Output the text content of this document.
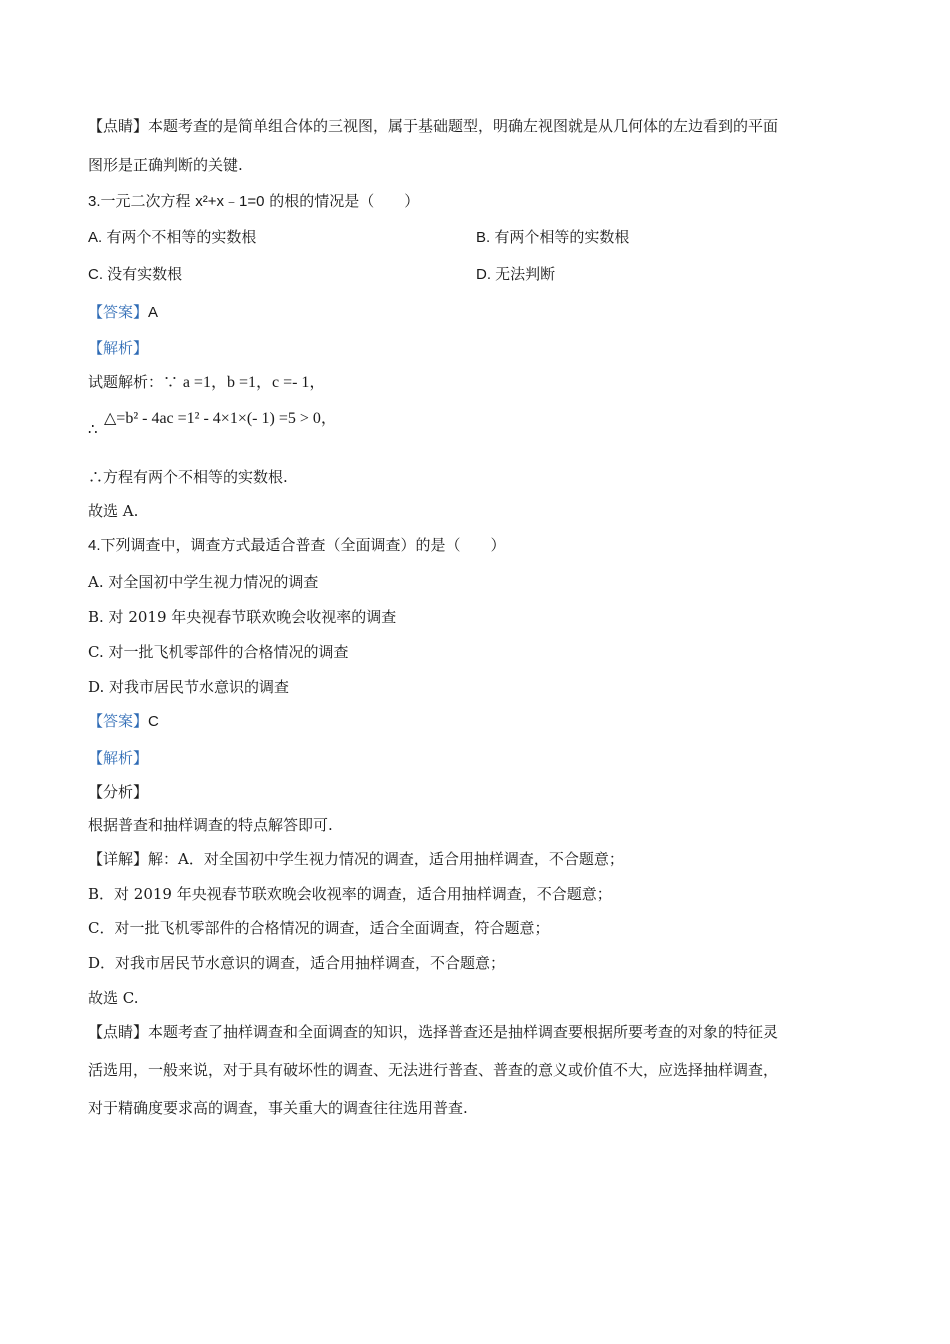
【点睛】本题考查的是简单组合体的三视图，属于基础题型，明确左视图就是从几何体的左边看到的平面
图形是正确判断的关键.
3.一元二次方程 x²+x﹣1=0 的根的情况是（　　）
A. 有两个不相等的实数根	B. 有两个相等的实数根
C. 没有实数根	D. 无法判断
【答案】A
【解析】
试题解析：∵ a =1，b =1，c =- 1，
△=b² - 4ac =1² - 4×1×(- 1) =5 > 0，
∴
∴方程有两个不相等的实数根.
故选 A.
4.下列调查中，调查方式最适合普查（全面调查）的是（　　）
A. 对全国初中学生视力情况的调查
B. 对 2019 年央视春节联欢晚会收视率的调查
C. 对一批飞机零部件的合格情况的调查
D. 对我市居民节水意识的调查
【答案】C
【解析】
【分析】
根据普查和抽样调查的特点解答即可.
【详解】解：A．对全国初中学生视力情况的调查，适合用抽样调查，不合题意；
B．对 2019 年央视春节联欢晚会收视率的调查，适合用抽样调查，不合题意；
C．对一批飞机零部件的合格情况的调查，适合全面调查，符合题意；
D．对我市居民节水意识的调查，适合用抽样调查，不合题意；
故选 C.
【点睛】本题考查了抽样调查和全面调查的知识，选择普查还是抽样调查要根据所要考查的对象的特征灵
活选用，一般来说，对于具有破坏性的调查、无法进行普查、普查的意义或价值不大，应选择抽样调查，
对于精确度要求高的调查，事关重大的调查往往选用普查.
